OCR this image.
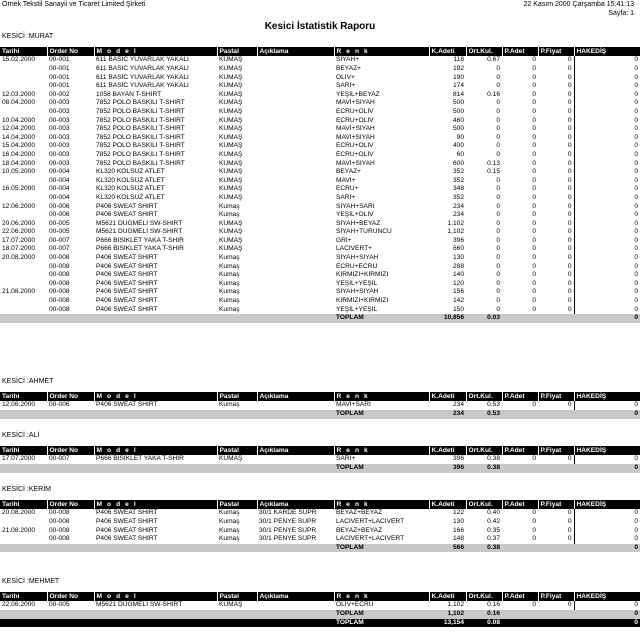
Örnek Tekstil Sanayii ve Ticaret Limited Şirketi	22 Kasım 2000 Çarşamba 15:41:13
Sayfa: 1
Kesici İstatistik Raporu
KESİCİ :MURAT
Tarihi	Order No	M o d e l	Pastal	Açıklama	R e n k	K.Adeti	Ort.Kul.	P.Adet	P.Fiyat	HAKEDİŞ
15.02.2000	00-001	611 BASIC YUVARLAK YAKALI	KUMAŞ		SİYAH+	118	0.67	0	0	0
	00-001	611 BASIC YUVARLAK YAKALI	KUMAŞ		BEYAZ+	192	0	0	0	0
	00-001	611 BASIC YUVARLAK YAKALI	KUMAŞ		OLİV+	190	0	0	0	0
	00-001	611 BASIC YUVARLAK YAKALI	KUMAŞ		SARI+	174	0	0	0	0
12.03.2000	00-002	1058 BAYAN T-SHIRT	KUMAŞ		YEŞİL+BEYAZ	814	0.16	0	0	0
08.04.2000	00-003	7852 POLO BASKILI T-SHIRT	KUMAŞ		MAVİ+SİYAH	500	0	0	0	0
	00-003	7852 POLO BASKILI T-SHIRT	KUMAŞ		ECRU+OLİV	500	0	0	0	0
10.04.2000	00-003	7852 POLO BASKILI T-SHIRT	KUMAŞ		ECRU+OLİV	460	0	0	0	0
12.04.2000	00-003	7852 POLO BASKILI T-SHIRT	KUMAŞ		MAVİ+SİYAH	500	0	0	0	0
14.04.2000	00-003	7852 POLO BASKILI T-SHIRT	KUMAŞ		MAVİ+SİYAH	90	0	0	0	0
15.04.2000	00-003	7852 POLO BASKILI T-SHIRT	KUMAŞ		ECRU+OLİV	400	0	0	0	0
16.04.2000	00-003	7852 POLO BASKILI T-SHIRT	KUMAŞ		ECRU+OLİV	60	0	0	0	0
18.04.2000	00-003	7852 POLO BASKILI T-SHIRT	KUMAŞ		MAVİ+SİYAH	600	0.13	0	0	0
10.05.2000	00-004	KL320 KOLSUZ ATLET	KUMAŞ		BEYAZ+	352	0.15	0	0	0
	00-004	KL320 KOLSUZ ATLET	KUMAŞ		MAVİ+	352	0	0	0	0
16.05.2000	00-004	KL320 KOLSUZ ATLET	KUMAŞ		ECRU+	348	0	0	0	0
	00-004	KL320 KOLSUZ ATLET	KUMAŞ		SARI+	352	0	0	0	0
12.06.2000	00-006	P406 SWEAT SHİRT	Kumaş		SİYAH+SARI	234	0	0	0	0
	00-006	P406 SWEAT SHİRT	Kumaş		YEŞİL+OLİV	234	0	0	0	0
20.06.2000	00-005	M5621 DÜĞMELİ SW-SHIRT	KUMAŞ		SİYAH+BEYAZ	1,102	0	0	0	0
22.06.2000	00-005	M5621 DÜĞMELİ SW-SHIRT	KUMAŞ		SİYAH+TURUNCU	1,102	0	0	0	0
17.07.2000	00-007	P666 BİSİKLET YAKA T-SHIR	KUMAŞ		GRİ+	396	0	0	0	0
18.07.2000	00-007	P666 BİSİKLET YAKA T-SHIR	KUMAŞ		LACİVERT+	660	0	0	0	0
20.08.2000	00-008	P406 SWEAT SHİRT	Kumaş		SİYAH+SİYAH	130	0	0	0	0
	00-008	P406 SWEAT SHİRT	Kumaş		ECRU+ECRU	288	0	0	0	0
	00-008	P406 SWEAT SHİRT	Kumaş		KIRMIZI+KIRMIZI	140	0	0	0	0
	00-008	P406 SWEAT SHİRT	Kumaş		YEŞİL+YEŞİL	120	0	0	0	0
21.08.2000	00-008	P406 SWEAT SHİRT	Kumaş		SİYAH+SİYAH	156	0	0	0	0
	00-008	P406 SWEAT SHİRT	Kumaş		KIRMIZI+KIRMIZI	142	0	0	0	0
	00-008	P406 SWEAT SHİRT	Kumaş		YEŞİL+YEŞİL	150	0	0	0	0
					TOPLAM	10,856	0.03			0
KESİCİ :AHMET
Tarihi	Order No	M o d e l	Pastal	Açıklama	R e n k	K.Adeti	Ort.Kul.	P.Adet	P.Fiyat	HAKEDİŞ
12.06.2000	00-006	P406 SWEAT SHİRT	Kumaş		MAVİ+SARI	234	0.53	0	0	0
					TOPLAM	234	0.53			0
KESİCİ :ALİ
Tarihi	Order No	M o d e l	Pastal	Açıklama	R e n k	K.Adeti	Ort.Kul.	P.Adet	P.Fiyat	HAKEDİŞ
17.07.2000	00-007	P666 BİSİKLET YAKA T-SHIR	KUMAŞ		SARI+	396	0.38	0	0	0
					TOPLAM	396	0.38			0
KESİCİ :KERİM
Tarihi	Order No	M o d e l	Pastal	Açıklama	R e n k	K.Adeti	Ort.Kul.	P.Adet	P.Fiyat	HAKEDİŞ
20.08.2000	00-008	P406 SWEAT SHİRT	Kumaş	30/1 KARDE SÜPR	BEYAZ+BEYAZ	122	0.40	0	0	0
	00-008	P406 SWEAT SHİRT	Kumaş	30/1 PENYE SÜPR	LACİVERT+LACİVERT	130	0.42	0	0	0
21.08.2000	00-008	P406 SWEAT SHİRT	Kumaş	30/1 PENYE SÜPR	BEYAZ+BEYAZ	166	0.35	0	0	0
	00-008	P406 SWEAT SHİRT	Kumaş	30/1 PENYE SÜPR	LACİVERT+LACİVERT	148	0.37	0	0	0
					TOPLAM	566	0.38			0
KESİCİ :MEHMET
Tarihi	Order No	M o d e l	Pastal	Açıklama	R e n k	K.Adeti	Ort.Kul.	P.Adet	P.Fiyat	HAKEDİŞ
22.06.2000	00-005	M5621 DÜĞMELİ SW-SHIRT	KUMAŞ		OLİV+ECRU	1,102	0.16	0	0	0
					TOPLAM	1,102	0.16			0
					TOPLAM	13,154	0.08			0
